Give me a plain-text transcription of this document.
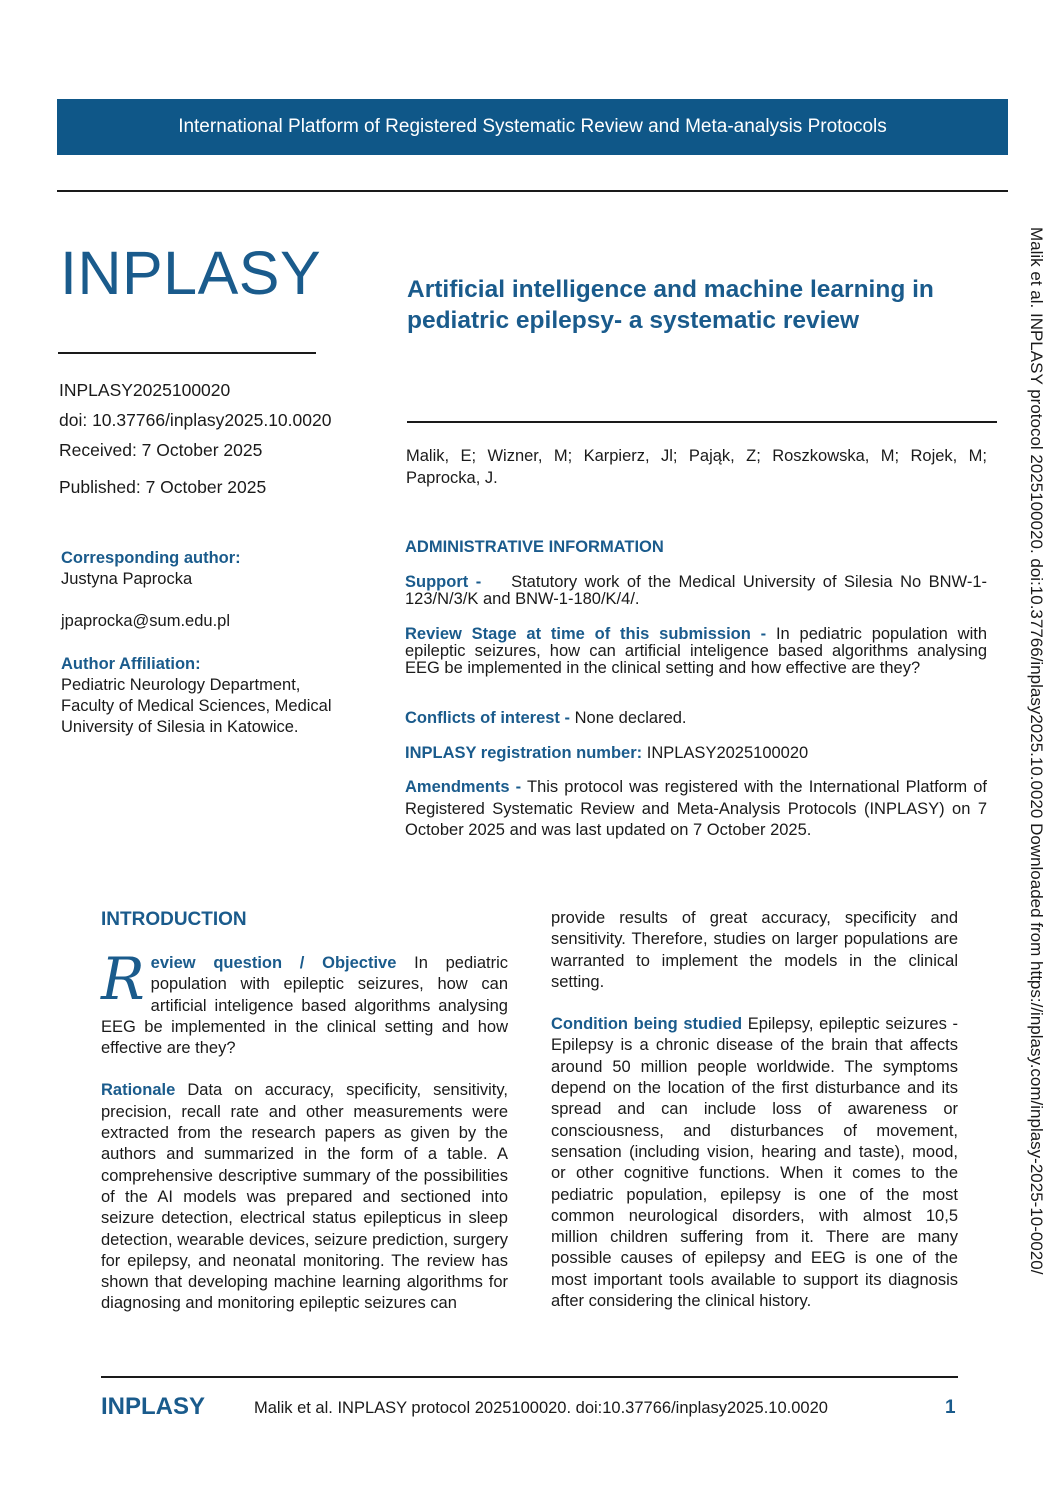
International Platform of Registered Systematic Review and Meta-analysis Protocols
INPLASY	Artificial intelligence and machine learning in pediatric epilepsy- a systematic review
INPLASY2025100020
doi: 10.37766/inplasy2025.10.0020
Received: 7 October 2025
Published: 7 October 2025
Malik, E; Wizner, M; Karpierz, Jl; Pająk, Z; Roszkowska, M; Rojek, M; Paprocka, J.
Corresponding author:
Justyna Paprocka
jpaprocka@sum.edu.pl
Author Affiliation:
Pediatric Neurology Department, Faculty of Medical Sciences, Medical University of Silesia in Katowice.
ADMINISTRATIVE INFORMATION
Support - Statutory work of the Medical University of Silesia No BNW-1-123/N/3/K and BNW-1-180/K/4/.
Review Stage at time of this submission - In pediatric population with epileptic seizures, how can artificial inteligence based algorithms analysing EEG be implemented in the clinical setting and how effective are they?
Conflicts of interest - None declared.
INPLASY registration number: INPLASY2025100020
Amendments - This protocol was registered with the International Platform of Registered Systematic Review and Meta-Analysis Protocols (INPLASY) on 7 October 2025 and was last updated on 7 October 2025.
INTRODUCTION

R eview question / Objective In pediatric population with epileptic seizures, how can artificial inteligence based algorithms analysing EEG be implemented in the clinical setting and how effective are they?

Rationale Data on accuracy, specificity, sensitivity, precision, recall rate and other measurements were extracted from the research papers as given by the authors and summarized in the form of a table. A comprehensive descriptive summary of the possibilities of the AI models was prepared and sectioned into seizure detection, electrical status epilepticus in sleep detection, wearable devices, seizure prediction, surgery for epilepsy, and neonatal monitoring. The review has shown that developing machine learning algorithms for diagnosing and monitoring epileptic seizures can

provide results of great accuracy, specificity and sensitivity. Therefore, studies on larger populations are warranted to implement the models in the clinical setting.

Condition being studied Epilepsy, epileptic seizures - Epilepsy is a chronic disease of the brain that affects around 50 million people worldwide. The symptoms depend on the location of the first disturbance and its spread and can include loss of awareness or consciousness, and disturbances of movement, sensation (including vision, hearing and taste), mood, or other cognitive functions. When it comes to the pediatric population, epilepsy is one of the most common neurological disorders, with almost 10,5 million children suffering from it. There are many possible causes of epilepsy and EEG is one of the most important tools available to support its diagnosis after considering the clinical history.

Malik et al. INPLASY protocol 2025100020. doi:10.37766/inplasy2025.10.0020 Downloaded from https://inplasy.com/inplasy-2025-10-0020/
INPLASY	Malik et al. INPLASY protocol 2025100020. doi:10.37766/inplasy2025.10.0020	1
